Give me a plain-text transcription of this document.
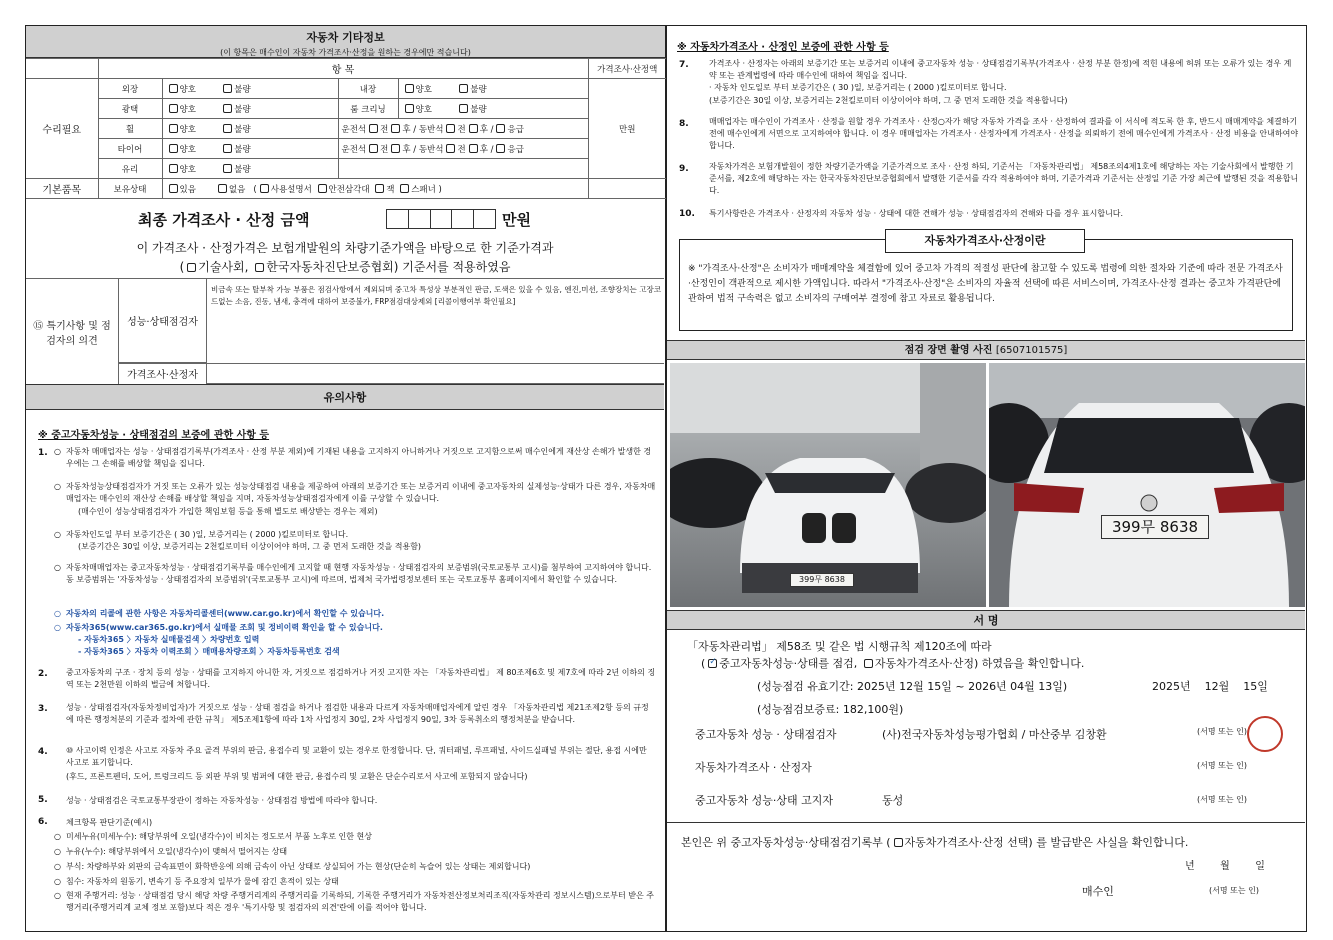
자동차 기타정보
(이 항목은 매수인이 자동차 가격조사·산정을 원하는 경우에만 적습니다)
	항 목				가격조사·산정액
수리필요	외장	양호 불량	내장	양호 불량	만원
	광택	양호 불량	룸 크리닝	양호 불량	
	휠	양호 불량	운전석 전 후 / 동반석 전 후 / 응급		
	타이어	양호 불량	운전석 전 후 / 동반석 전 후 / 응급		
	유리	양호 불량			
기본품목	보유상태	있음 없음 ( 사용설명서 안전삼각대 잭 스패너 )			
최종 가격조사 · 산정 금액	만원
이 가격조사 · 산정가격은 보험개발원의 차량기준가액을 바탕으로 한 기준가격과
( 기술사회, 한국자동차진단보증협회) 기준서를 적용하였음
⑮ 특기사항 및 점검자의 의견
성능·상태점검자
비금속 또는 탈부착 가능 부품은 점검사항에서 제외되며 중고차 특성상 부분적인 판금, 도색은 있을 수 있음, 엔진,미션, 조향장치는 고장코드없는 소음, 진동, 냄새, 충격에 대하여 보증불가, FRP점검대상제외 [리콜이행여부 확인필요]
가격조사·산정자
유의사항
※ 중고자동차성능 · 상태점검의 보증에 관한 사항 등
1. ○ 자동차 매매업자는 성능 · 상태점검기록부(가격조사 · 산정 부분 제외)에 기재된 내용을 고지하지 아니하거나 거짓으로 고지함으로써 매수인에게 재산상 손해가 발생한 경우에는 그 손해를 배상할 책임을 집니다.
○ 자동차성능상태점검자가 거짓 또는 오류가 있는 성능상태점검 내용을 제공하여 아래의 보증기간 또는 보증거리 이내에 중고자동차의 실제성능·상태가 다른 경우, 자동차매매업자는 매수인의 재산상 손해를 배상할 책임을 지며, 자동차성능상태점검자에게 이를 구상할 수 있습니다.
(매수인이 성능상태점검자가 가입한 책임보험 등을 통해 별도로 배상받는 경우는 제외)
○ 자동차인도일 부터 보증기간은 ( 30 )일, 보증거리는 ( 2000 )킬로미터로 합니다.
(보증기간은 30일 이상, 보증거리는 2천킬로미터 이상이어야 하며, 그 중 먼저 도래한 것을 적용함)
○ 자동차매매업자는 중고자동차성능 · 상태점검기록부를 매수인에게 고지할 때 현행 자동차성능 · 상태점검자의 보증범위(국토교통부 고시)를 첨부하여 고지하여야 합니다. 동 보증범위는 '자동차성능 · 상태점검자의 보증범위'(국토교통부 고시)에 따르며, 법제처 국가법령정보센터 또는 국토교통부 홈페이지에서 확인할 수 있습니다.
○ 자동차의 리콜에 관한 사항은 자동차리콜센터(www.car.go.kr)에서 확인할 수 있습니다.
○ 자동차365(www.car365.go.kr)에서 실매물 조회 및 정비이력 확인을 할 수 있습니다.
- 자동차365 〉자동차 실매물검색 〉차량번호 입력
- 자동차365 〉자동차 이력조회 〉매매용차량조회 〉자동차등록번호 검색
2. 중고자동차의 구조 · 장치 등의 성능 · 상태를 고지하지 아니한 자, 거짓으로 점검하거나 거짓 고지한 자는 「자동차관리법」 제 80조제6호 및 제7호에 따라 2년 이하의 징역 또는 2천만원 이하의 벌금에 처합니다.
3. 성능 · 상태점검자(자동차정비업자)가 거짓으로 성능 · 상태 점검을 하거나 점검한 내용과 다르게 자동차매매업자에게 알린 경우 「자동차관리법 제21조제2항 등의 규정에 따른 행정처분의 기준과 절차에 관한 규칙」 제5조제1항에 따라 1차 사업정지 30일, 2차 사업정지 90일, 3차 등록취소의 행정처분을 받습니다.
4. ⑩ 사고이력 인정은 사고로 자동차 주요 골격 부위의 판금, 용접수리 및 교환이 있는 경우로 한정합니다. 단, 쿼터패널, 루프패널, 사이드실패널 부위는 절단, 용접 시에만 사고로 표기합니다.
(후드, 프론트펜더, 도어, 트렁크리드 등 외판 부위 및 범퍼에 대한 판금, 용접수리 및 교환은 단순수리로서 사고에 포함되지 않습니다)
5. 성능 · 상태점검은 국토교통부장관이 정하는 자동차성능 · 상태점검 방법에 따라야 합니다.
6. 체크항목 판단기준(예시)
○ 미세누유(미세누수): 해당부위에 오일(냉각수)이 비치는 정도로서 부품 노후로 인한 현상
○ 누유(누수): 해당부위에서 오일(냉각수)이 맺혀서 떨어지는 상태
○ 부식: 차량하부와 외판의 금속표면이 화학반응에 의해 금속이 아닌 상태로 상실되어 가는 현상(단순히 녹슬어 있는 상태는 제외합니다)
○ 침수: 자동차의 원동기, 변속기 등 주요장치 일부가 물에 잠긴 흔적이 있는 상태
○ 현재 주행거리: 성능 · 상태점검 당시 해당 차량 주행거리계의 주행거리를 기록하되, 기록한 주행거리가 자동차전산정보처리조직(자동차관리 정보시스템)으로부터 받은 주행거리(주행거리계 교체 정보 포함)보다 적은 경우 '특기사항 및 점검자의 의견'란에 이를 적어야 합니다.
※ 자동차가격조사 · 산정인 보증에 관한 사항 등
7.	가격조사 · 산정자는 아래의 보증기간 또는 보증거리 이내에 중고자동차 성능 · 상태점검기록부(가격조사 · 산정 부분 한정)에 적힌 내용에 허위 또는 오류가 있는 경우 계약 또는 관계법령에 따라 매수인에 대하여 책임을 집니다.
· 자동차 인도일로 부터 보증기간은 ( 30 )일, 보증거리는 ( 2000 )킬로미터로 합니다.
(보증기간은 30일 이상, 보증거리는 2천킬로미터 이상이어야 하며, 그 중 먼저 도래한 것을 적용합니다)
8.	매매업자는 매수인이 가격조사 · 산정을 원할 경우 가격조사 · 산정○자가 해당 자동차 가격을 조사 · 산정하여 결과를 이 서식에 적도록 한 후, 반드시 매매계약을 체결하기 전에 매수인에게 서면으로 고지하여야 합니다. 이 경우 매매업자는 가격조사 · 산정자에게 가격조사 · 산정을 의뢰하기 전에 매수인에게 가격조사 · 산정 비용을 안내하여야 합니다.
9.	자동차가격은 보험개발원이 정한 차량기준가액을 기준가격으로 조사 · 산정 하되, 기준서는 「자동차관리법」 제58조의4제1호에 해당하는 자는 기술사회에서 발행한 기준서를, 제2호에 해당하는 자는 한국자동차진단보증협회에서 발행한 기준서를 각각 적용하여야 하며, 기준가격과 기준서는 산정일 기준 가장 최근에 발행된 것을 적용합니다.
10. 특기사항란은 가격조사 · 산정자의 자동차 성능 · 상태에 대한 견해가 성능 · 상태점검자의 견해와 다를 경우 표시합니다.
※ "가격조사·산정"은 소비자가 매매계약을 체결함에 있어 중고차 가격의 적절성 판단에 참고할 수 있도록 법령에 의한 절차와 기준에 따라 전문 가격조사·산정인이 객관적으로 제시한 가액입니다. 따라서 "가격조사·산정"은 소비자의 자율적 선택에 따른 서비스이며, 가격조사·산정 결과는 중고차 가격판단에 관하여 법적 구속력은 없고 소비자의 구매여부 결정에 참고 자료로 활용됩니다.
자동차가격조사·산정이란
점검 장면 촬영 사진 [6507101575]
399무 8638
399무 8638
서 명
「자동차관리법」 제58조 및 같은 법 시행규칙 제120조에 따라
( ✓ 중고자동차성능·상태를 점검, 자동차가격조사·산정) 하였음을 확인합니다.
(성능점검 유효기간: 2025년 12월 15일 ~ 2026년 04월 13일)	2025년 12월 15일
(성능점검보증료: 182,100원)
중고자동차 성능 · 상태점검자	(사)전국자동차성능평가협회 / 마산중부 김창환	(서명 또는 인)
자동차가격조사 · 산정자	(서명 또는 인)
중고자동차 성능·상태 고지자	동성	(서명 또는 인)
본인은 위 중고자동차성능·상태점검기록부 ( 자동차가격조사·산정 선택) 를 발급받은 사실을 확인합니다.
년	월	일
매수인	(서명 또는 인)
